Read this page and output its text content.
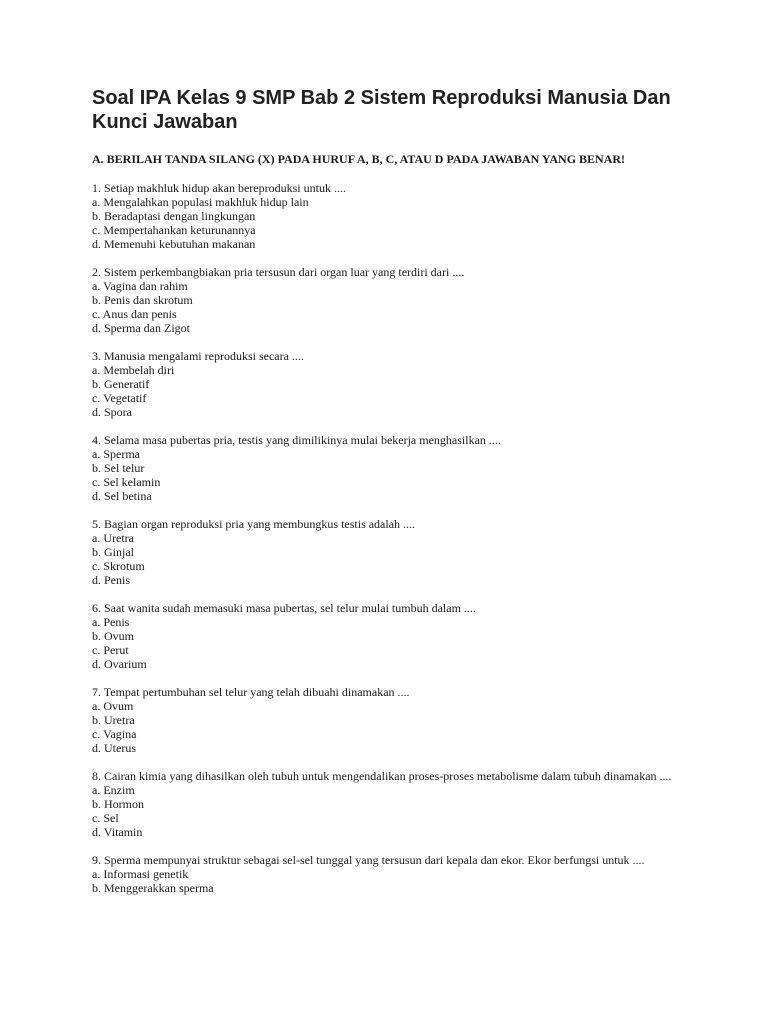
Soal IPA Kelas 9 SMP Bab 2 Sistem Reproduksi Manusia Dan Kunci Jawaban

A. BERILAH TANDA SILANG (X) PADA HURUF A, B, C, ATAU D PADA JAWABAN YANG BENAR!

1. Setiap makhluk hidup akan bereproduksi untuk ....

a. Mengalahkan populasi makhluk hidup lain

b. Beradaptasi dengan lingkungan

c. Mempertahankan keturunannya

d. Memenuhi kebutuhan makanan

2. Sistem perkembangbiakan pria tersusun dari organ luar yang terdiri dari ....

a. Vagina dan rahim

b. Penis dan skrotum

c. Anus dan penis

d. Sperma dan Zigot

3. Manusia mengalami reproduksi secara ....

a. Membelah diri

b. Generatif

c. Vegetatif

d. Spora

4. Selama masa pubertas pria, testis yang dimilikinya mulai bekerja menghasilkan ....

a. Sperma

b. Sel telur

c. Sel kelamin

d. Sel betina

5. Bagian organ reproduksi pria yang membungkus testis adalah ....

a. Uretra

b. Ginjal

c. Skrotum

d. Penis

6. Saat wanita sudah memasuki masa pubertas, sel telur mulai tumbuh dalam ....

a. Penis

b. Ovum

c. Perut

d. Ovarium

7. Tempat pertumbuhan sel telur yang telah dibuahi dinamakan ....

a. Ovum

b. Uretra

c. Vagina

d. Uterus

8. Cairan kimia yang dihasilkan oleh tubuh untuk mengendalikan proses-proses metabolisme dalam tubuh dinamakan ....

a. Enzim

b. Hormon

c. Sel

d. Vitamin

9. Sperma mempunyai struktur sebagai sel-sel tunggal yang tersusun dari kepala dan ekor. Ekor berfungsi untuk ....

a. Informasi genetik

b. Menggerakkan sperma
